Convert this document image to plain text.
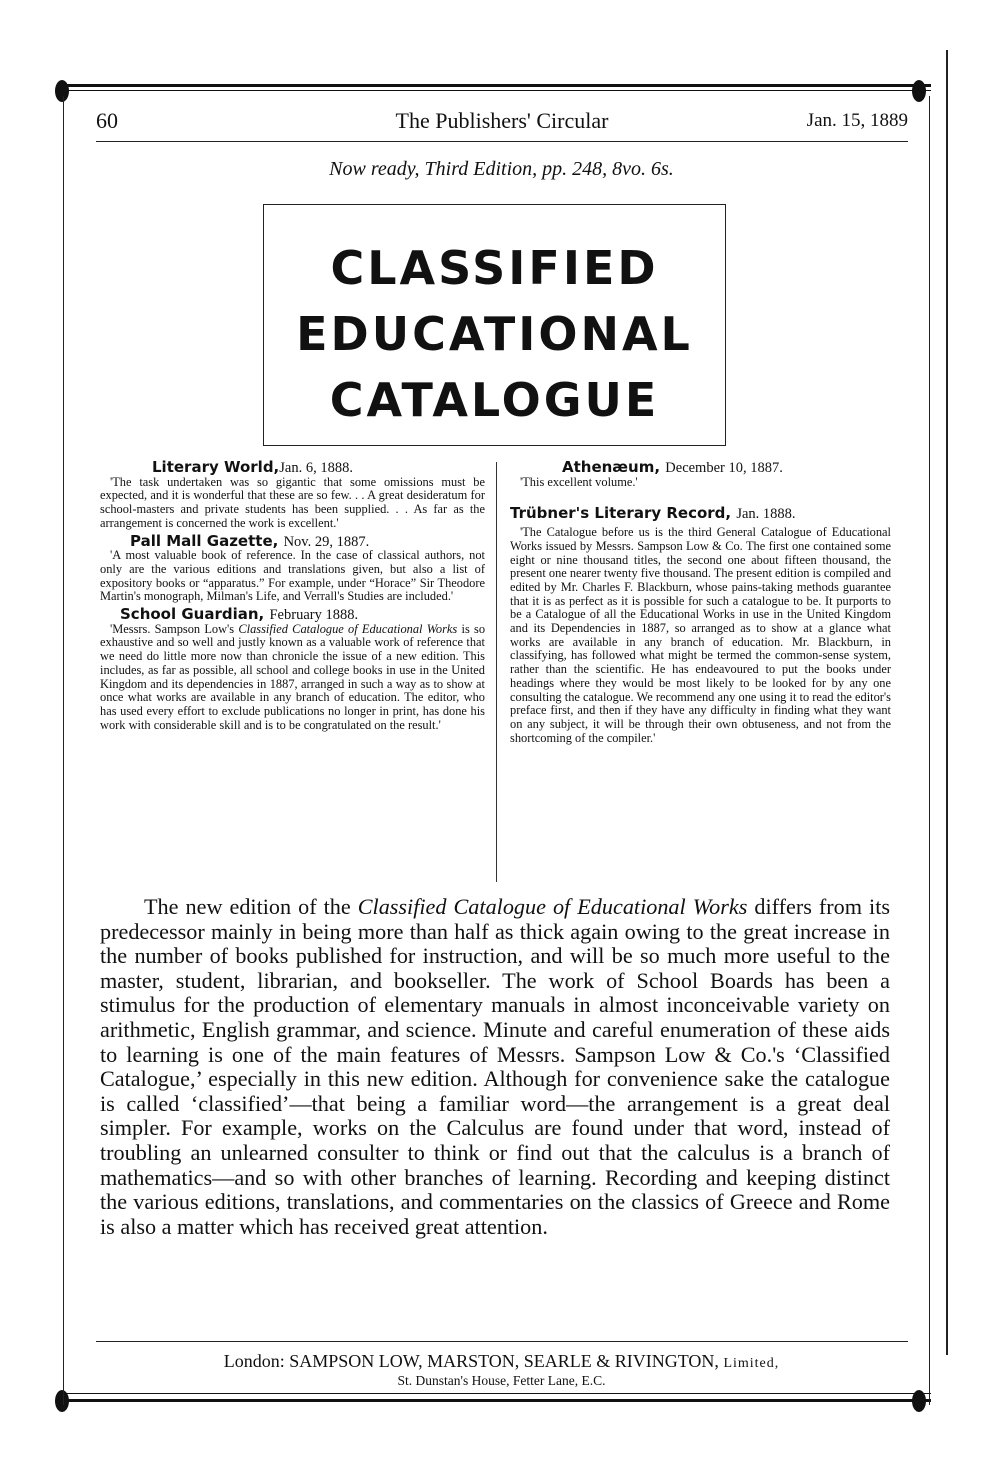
60	The Publishers' Circular	Jan. 15, 1889
Now ready, Third Edition, pp. 248, 8vo. 6s.
CLASSIFIED
EDUCATIONAL
CATALOGUE
Literary World,Jan. 6, 1888.

'The task undertaken was so gigantic that some omissions must be expected, and it is wonderful that these are so few. . . A great desideratum for school-masters and private students has been supplied. . . As far as the arrangement is concerned the work is excellent.'

Pall Mall Gazette, Nov. 29, 1887.

'A most valuable book of reference. In the case of classical authors, not only are the various editions and translations given, but also a list of expository books or “apparatus.” For example, under “Horace” Sir Theodore Martin's monograph, Milman's Life, and Verrall's Studies are included.'

School Guardian, February 1888.

'Messrs. Sampson Low's Classified Catalogue of Educational Works is so exhaustive and so well and justly known as a valuable work of reference that we need do little more now than chronicle the issue of a new edition. This includes, as far as possible, all school and college books in use in the United Kingdom and its dependencies in 1887, arranged in such a way as to show at once what works are available in any branch of education. The editor, who has used every effort to exclude publications no longer in print, has done his work with considerable skill and is to be congratulated on the result.'

Athenæum, December 10, 1887.

'This excellent volume.'

Trübner's Literary Record, Jan. 1888.

'The Catalogue before us is the third General Catalogue of Educational Works issued by Messrs. Sampson Low & Co. The first one contained some eight or nine thousand titles, the second one about fifteen thousand, the present one nearer twenty five thousand. The present edition is compiled and edited by Mr. Charles F. Blackburn, whose pains-taking methods guarantee that it is as perfect as it is possible for such a catalogue to be. It purports to be a Catalogue of all the Educational Works in use in the United Kingdom and its Dependencies in 1887, so arranged as to show at a glance what works are available in any branch of education. Mr. Blackburn, in classifying, has followed what might be termed the common-sense system, rather than the scientific. He has endeavoured to put the books under headings where they would be most likely to be looked for by any one consulting the catalogue. We recommend any one using it to read the editor's preface first, and then if they have any difficulty in finding what they want on any subject, it will be through their own obtuseness, and not from the shortcoming of the compiler.'

The new edition of the Classified Catalogue of Educational Works differs from its predecessor mainly in being more than half as thick again owing to the great increase in the number of books published for instruction, and will be so much more useful to the master, student, librarian, and bookseller. The work of School Boards has been a stimulus for the production of elementary manuals in almost inconceivable variety on arithmetic, English grammar, and science. Minute and careful enumeration of these aids to learning is one of the main features of Messrs. Sampson Low & Co.'s ‘Classified Catalogue,’ especially in this new edition. Although for convenience sake the catalogue is called ‘classified’—that being a familiar word—the arrangement is a great deal simpler. For example, works on the Calculus are found under that word, instead of troubling an unlearned consulter to think or find out that the calculus is a branch of mathematics—and so with other branches of learning. Recording and keeping distinct the various editions, translations, and commentaries on the classics of Greece and Rome is also a matter which has received great attention.

London: SAMPSON LOW, MARSTON, SEARLE & RIVINGTON, Limited,
St. Dunstan's House, Fetter Lane, E.C.
